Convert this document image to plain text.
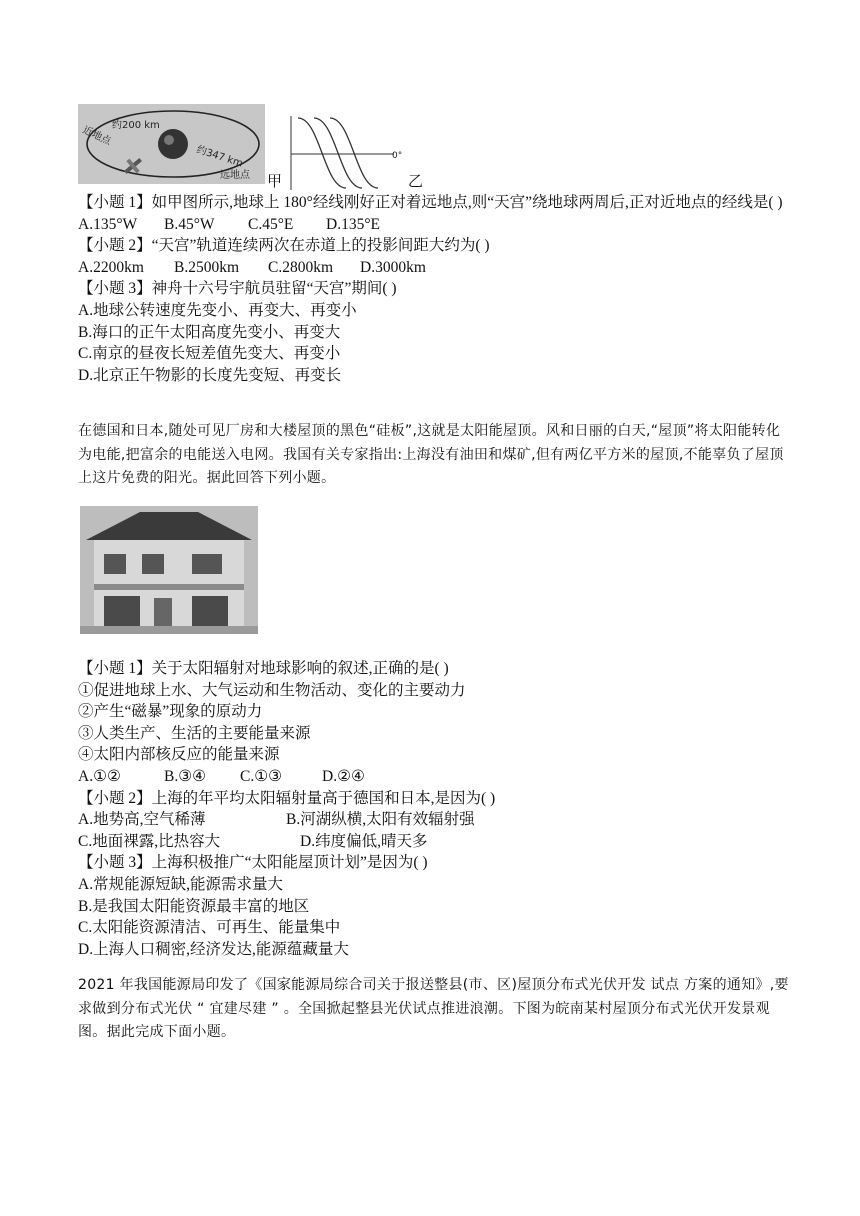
近地点 约200 km
约347 km
远地点 甲
0°
乙
【小题 1】如甲图所示,地球上 180°经线刚好正对着远地点,则“天宫”绕地球两周后,正对近地点的经线是( )
A.135°W B.45°W C.45°E D.135°E
【小题 2】“天宫”轨道连续两次在赤道上的投影间距大约为( )
A.2200km B.2500km C.2800km D.3000km
【小题 3】神舟十六号宇航员驻留“天宫”期间( )
A.地球公转速度先变小、再变大、再变小
B.海口的正午太阳高度先变小、再变大
C.南京的昼夜长短差值先变大、再变小
D.北京正午物影的长度先变短、再变长
在德国和日本,随处可见厂房和大楼屋顶的黑色“硅板”,这就是太阳能屋顶。风和日丽的白天,“屋顶”将太阳能转化为电能,把富余的电能送入电网。我国有关专家指出:上海没有油田和煤矿,但有两亿平方米的屋顶,不能辜负了屋顶上这片免费的阳光。据此回答下列小题。
【小题 1】关于太阳辐射对地球影响的叙述,正确的是( )
①促进地球上水、大气运动和生物活动、变化的主要动力
②产生“磁暴”现象的原动力
③人类生产、生活的主要能量来源
④太阳内部核反应的能量来源
A.①②	B.③④ C.①③	D.②④
【小题 2】上海的年平均太阳辐射量高于德国和日本,是因为( )
A.地势高,空气稀薄	B.河湖纵横,太阳有效辐射强
C.地面裸露,比热容大	D.纬度偏低,晴天多
【小题 3】上海积极推广“太阳能屋顶计划”是因为( )
A.常规能源短缺,能源需求量大
B.是我国太阳能资源最丰富的地区
C.太阳能资源清洁、可再生、能量集中
D.上海人口稠密,经济发达,能源蕴藏量大
2021 年我国能源局印发了《国家能源局综合司关于报送整县(市、区)屋顶分布式光伏开发 试点 方案的通知》,要求做到分布式光伏 “ 宜建尽建 ” 。全国掀起整县光伏试点推进浪潮。下图为皖南某村屋顶分布式光伏开发景观图。据此完成下面小题。
